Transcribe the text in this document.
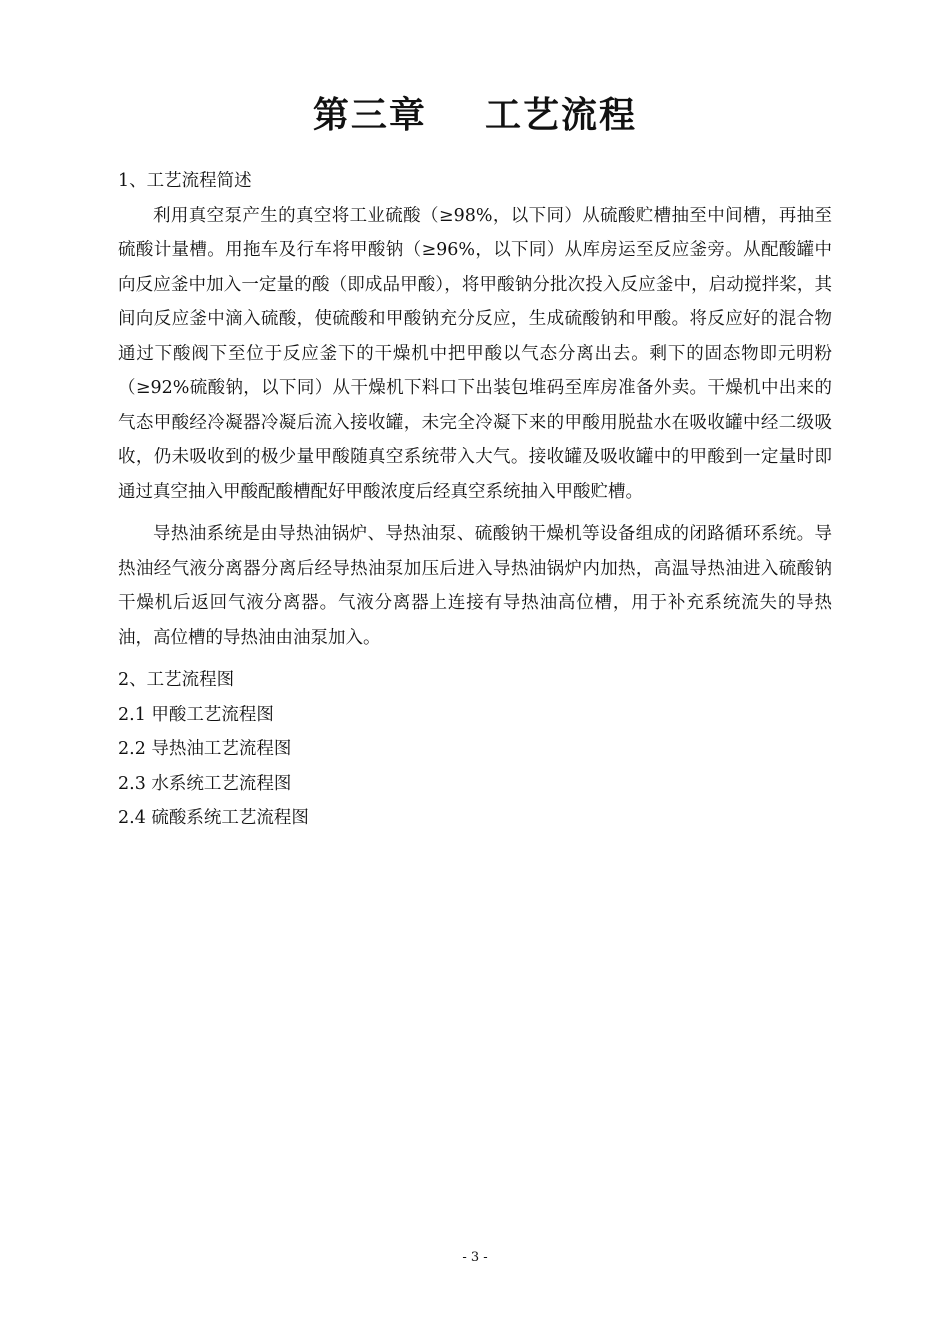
第三章    工艺流程

1、工艺流程简述

利用真空泵产生的真空将工业硫酸（≥98%，以下同）从硫酸贮槽抽至中间槽，再抽至硫酸计量槽。用拖车及行车将甲酸钠（≥96%，以下同）从库房运至反应釜旁。从配酸罐中向反应釜中加入一定量的酸（即成品甲酸），将甲酸钠分批次投入反应釜中，启动搅拌桨，其间向反应釜中滴入硫酸，使硫酸和甲酸钠充分反应，生成硫酸钠和甲酸。将反应好的混合物通过下酸阀下至位于反应釜下的干燥机中把甲酸以气态分离出去。剩下的固态物即元明粉（≥92%硫酸钠，以下同）从干燥机下料口下出装包堆码至库房准备外卖。干燥机中出来的气态甲酸经冷凝器冷凝后流入接收罐，未完全冷凝下来的甲酸用脱盐水在吸收罐中经二级吸收，仍未吸收到的极少量甲酸随真空系统带入大气。接收罐及吸收罐中的甲酸到一定量时即通过真空抽入甲酸配酸槽配好甲酸浓度后经真空系统抽入甲酸贮槽。

导热油系统是由导热油锅炉、导热油泵、硫酸钠干燥机等设备组成的闭路循环系统。导热油经气液分离器分离后经导热油泵加压后进入导热油锅炉内加热，高温导热油进入硫酸钠干燥机后返回气液分离器。气液分离器上连接有导热油高位槽，用于补充系统流失的导热油，高位槽的导热油由油泵加入。

2、工艺流程图

2.1 甲酸工艺流程图

2.2 导热油工艺流程图

2.3 水系统工艺流程图

2.4 硫酸系统工艺流程图

- 3 -
